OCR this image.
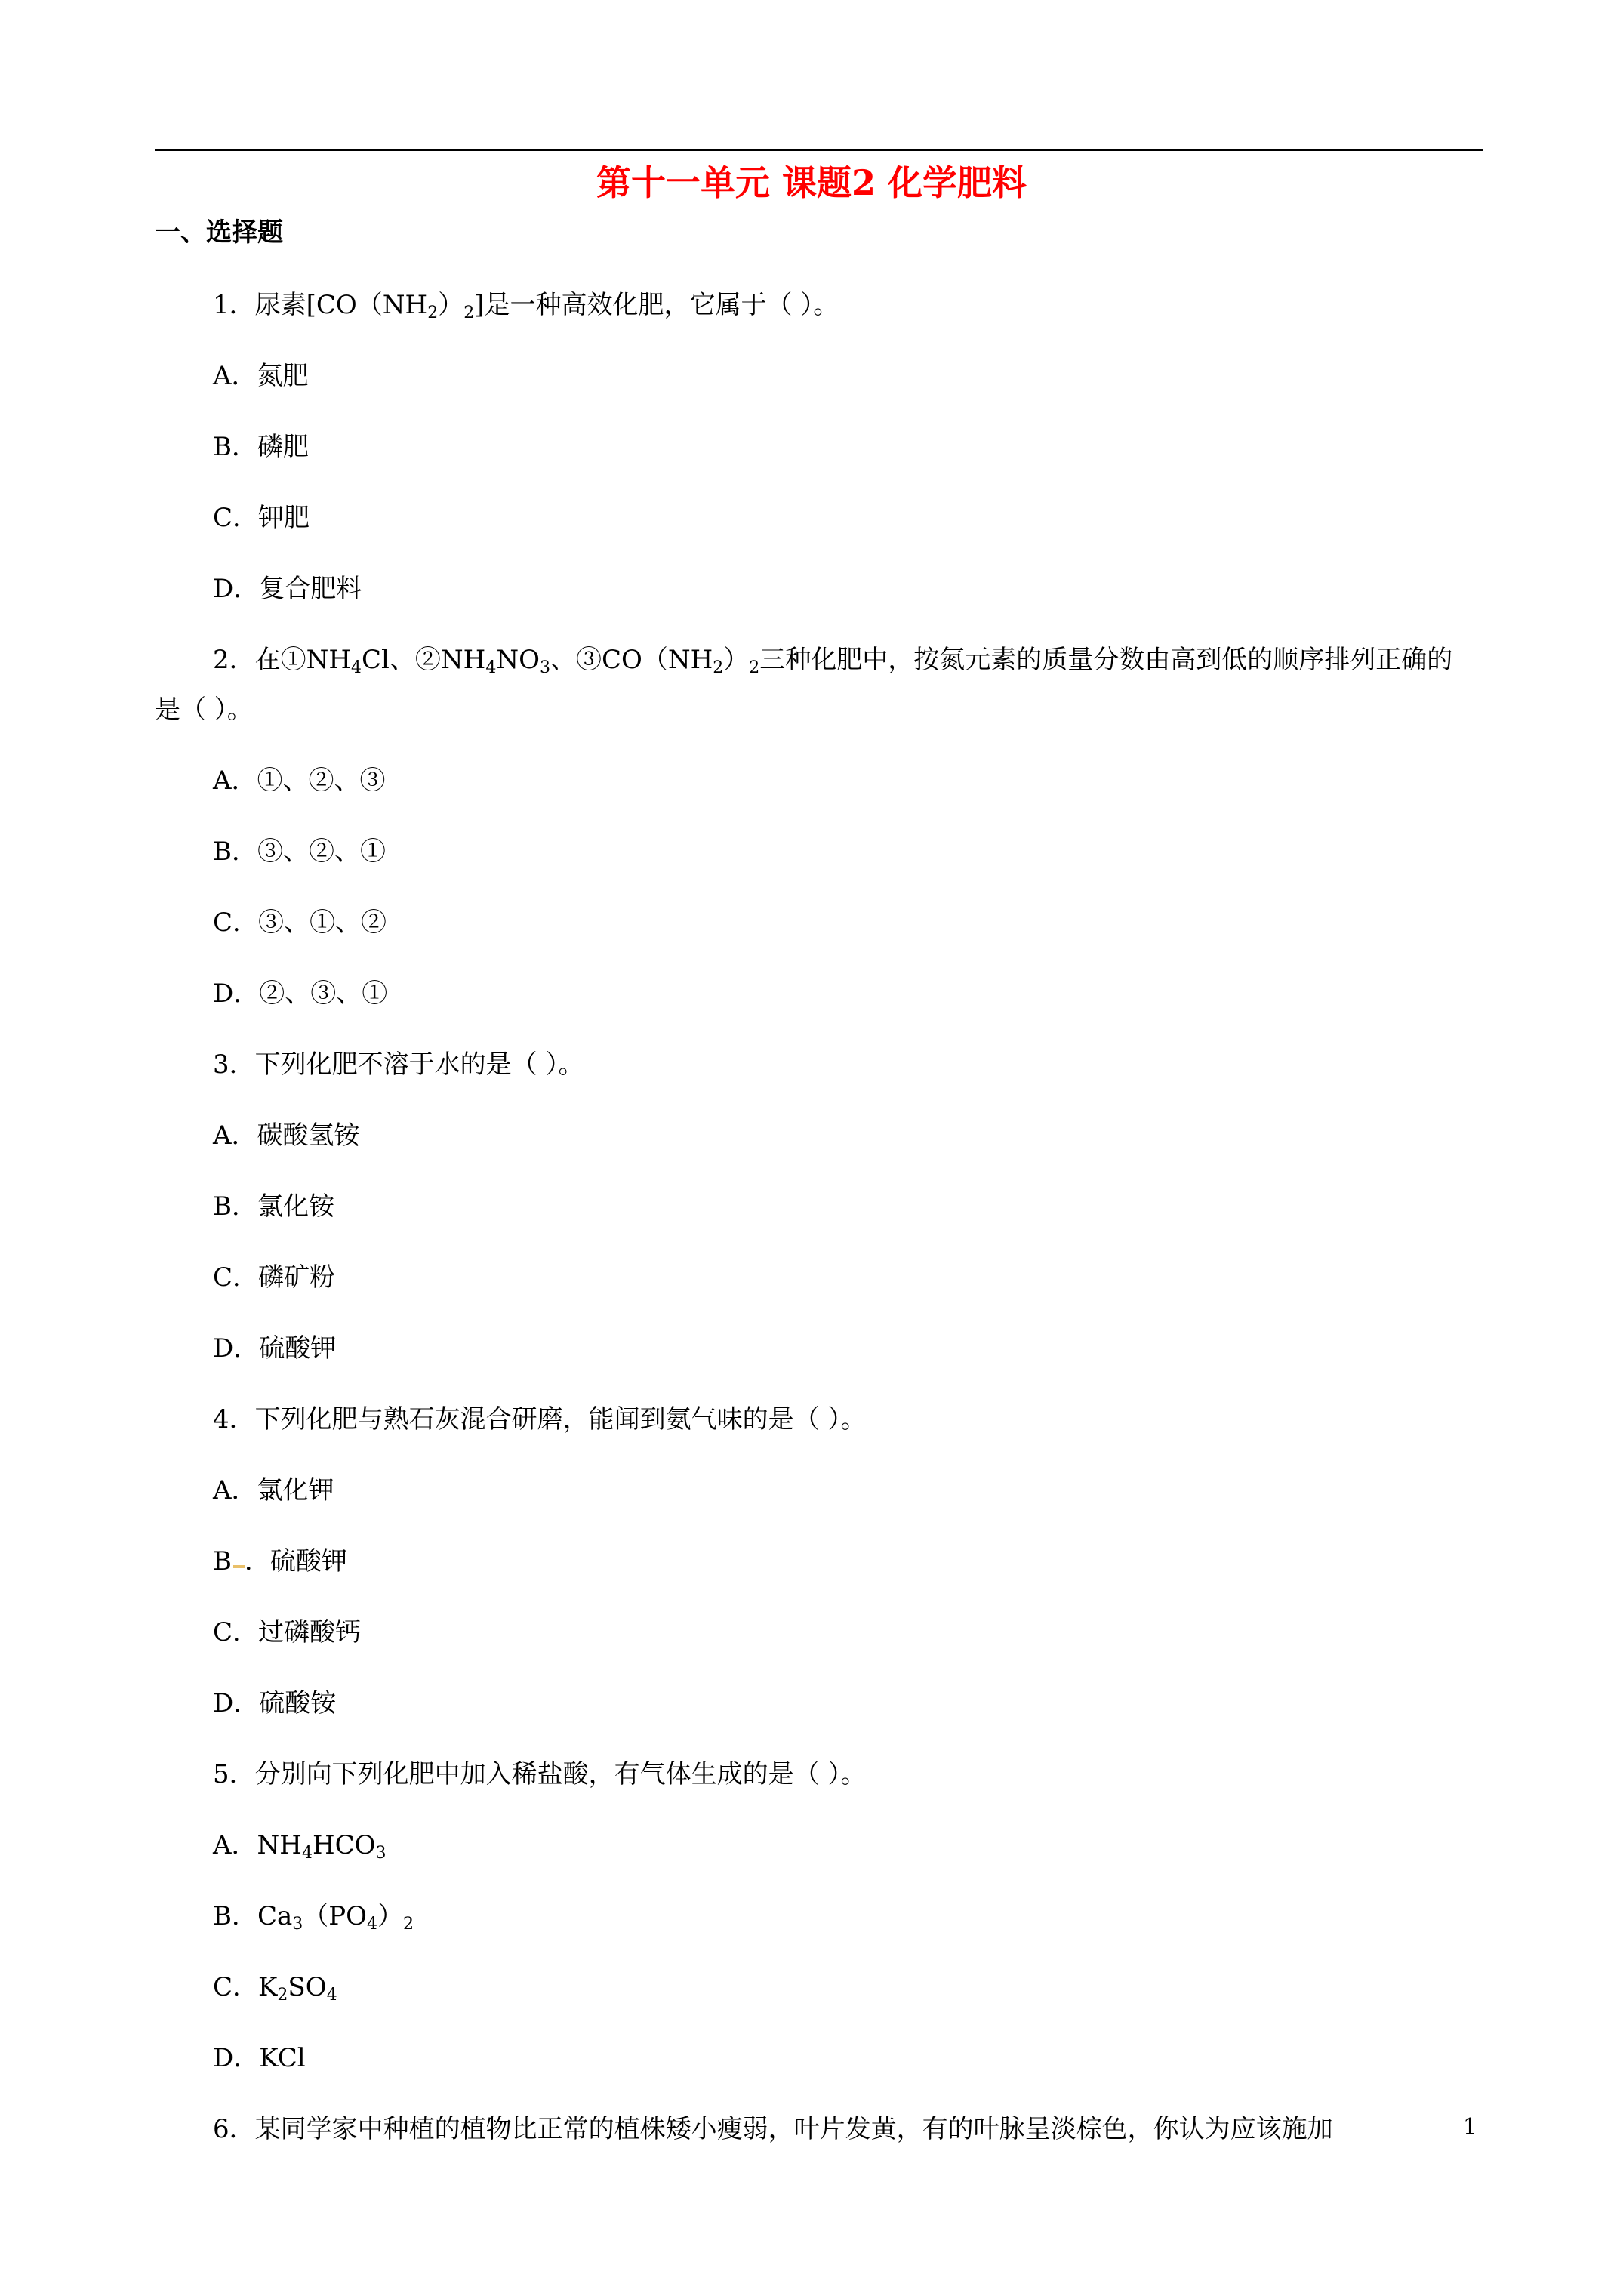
第十一单元 课题2 化学肥料
一、选择题
1．尿素$[CO(NH_2)_2]$是一种高效化肥，它属于（ ）。
A．氮肥
B．磷肥
C．钾肥
D．复合肥料
2．在$①NH_4Cl$、$②NH_4NO_3$、$③CO(NH_2)_2$三种化肥中，按氮元素的质量分数由高到低的顺序排列正确的
是（ ）。
A．①、②、③
B．③、②、①
C．③、①、②
D．②、③、①
3．下列化肥不溶于水的是（ ）。
A．碳酸氢铵
B．氯化铵
C．磷矿粉
D．硫酸钾
4．下列化肥与熟石灰混合研磨，能闻到氨气味的是（ ）。
A．氯化钾
B ．硫酸钾
C．过磷酸钙
D．硫酸铵
5．分别向下列化肥中加入稀盐酸，有气体生成的是（ ）。
A．$NH_4HCO_3$
B．$Ca_3(PO_4)_2$
C．$K_2SO_4$
D．KCl
6．某同学家中种植的植物比正常的植株矮小瘦弱，叶片发黄，有的叶脉呈淡棕色，你认为应该施加	1
